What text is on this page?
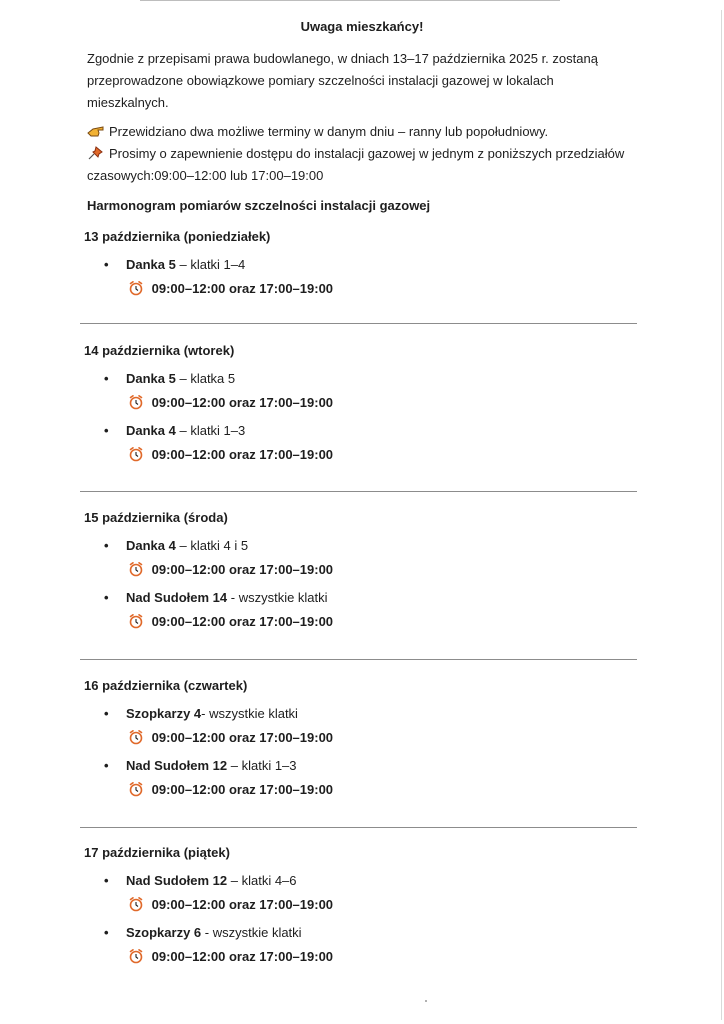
Uwaga mieszkańcy!
Zgodnie z przepisami prawa budowlanego, w dniach 13–17 października 2025 r. zostaną przeprowadzone obowiązkowe pomiary szczelności instalacji gazowej w lokalach mieszkalnych.
Przewidziano dwa możliwe terminy w danym dniu – ranny lub popołudniowy.
Prosimy o zapewnienie dostępu do instalacji gazowej w jednym z poniższych przedziałów czasowych:09:00–12:00 lub 17:00–19:00
Harmonogram pomiarów szczelności instalacji gazowej
13 października (poniedziałek)
• Danka 5 – klatki 1–4
09:00–12:00 oraz 17:00–19:00
14 października (wtorek)
• Danka 5 – klatka 5
09:00–12:00 oraz 17:00–19:00
• Danka 4 – klatki 1–3
09:00–12:00 oraz 17:00–19:00
15 października (środa)
• Danka 4 – klatki 4 i 5
09:00–12:00 oraz 17:00–19:00
• Nad Sudołem 14 - wszystkie klatki
09:00–12:00 oraz 17:00–19:00
16 października (czwartek)
• Szopkarzy 4- wszystkie klatki
09:00–12:00 oraz 17:00–19:00
• Nad Sudołem 12 – klatki 1–3
09:00–12:00 oraz 17:00–19:00
17 października (piątek)
• Nad Sudołem 12 – klatki 4–6
09:00–12:00 oraz 17:00–19:00
• Szopkarzy 6 - wszystkie klatki
09:00–12:00 oraz 17:00–19:00
